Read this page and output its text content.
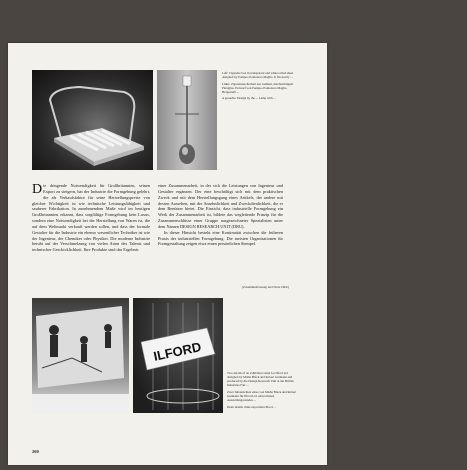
Left: Cigarette box in transparent and white rolled sheet designed by Pompeo Pomodoro Maglia. It fits neatly ...

Links: Zigarettenschachtel aus weißem, durchsichtigem Plexiglas. Entwurf von Pompeo Pomodoro Maglia. Hergestellt ...

A gouache. Design by the ... Lamp with ...

D ie dringende Notwendigkeit für Großbritannien, seinen Export zu steigern, hat der Industrie die Formgebung gelehrt, die als Verkaufsfaktor für seine Herstellungspreise von gleicher Wichtigkeit ist wie technische Leistungsfähigkeit und sauberer Fabrikation. In zunehmendem Maße wird im heutigen Großbritannien erkannt, dass sorgfältige Formgebung kein Luxus, sondern eine Notwendigkeit bei der Herstellung von Waren ist, die auf dem Weltmarkt verkauft werden sollen, und dass der formale Gestalter für die Industrie ein ebenso wesentlicher Techniker ist wie der Ingenieur, der Chemiker oder Physiker. Die moderne Industrie beruht auf der Verschmelzung von vielen Arten des Talents und technischer Geschicklichkeit. Ihre Produkte sind das Ergebnis

einer Zusammenarbeit, in der sich die Leistungen von Ingenieur und Gestalter ergänzen. Der eine beschäftigt sich mit dem praktischen Zweck und mit dem Herstellungsgang eines Artikels, der andere mit dessen Aussehen, mit der Ansehnlichkeit und Zweckdienlichkeit, die er dem Benützer bietet. Die Einsicht, dass industrielle Formgebung ein Werk der Zusammenarbeit ist, bildete das wegleitende Prinzip für die Zusammenschlüsse einer Gruppe ausgezeichneter Spezialisten unter dem Namen DESIGN RESEARCH UNIT (DRU).

In dieser Hinsicht besteht eine Kontinuität zwischen die früheren Praxis der industriellen Formgebung. Die meisten Organisationen für Formgestaltung zeigen etwa einen persönlichen Stempel.

(Zusammenfassung und Notiz DRU)
ILFORD

Two details of an exhibition stand for Ilford Ltd designed by Misha Black and Robert Gutmann and produced by the Design Research Unit at the British Industries Fair ...

Zwei Teilansichten eines von Misha Black und Robert Gutmann für Ilford Ltd. entworfenen Ausstellungsstandes ...

Deux détails d'une exposition Ilford ...

260
